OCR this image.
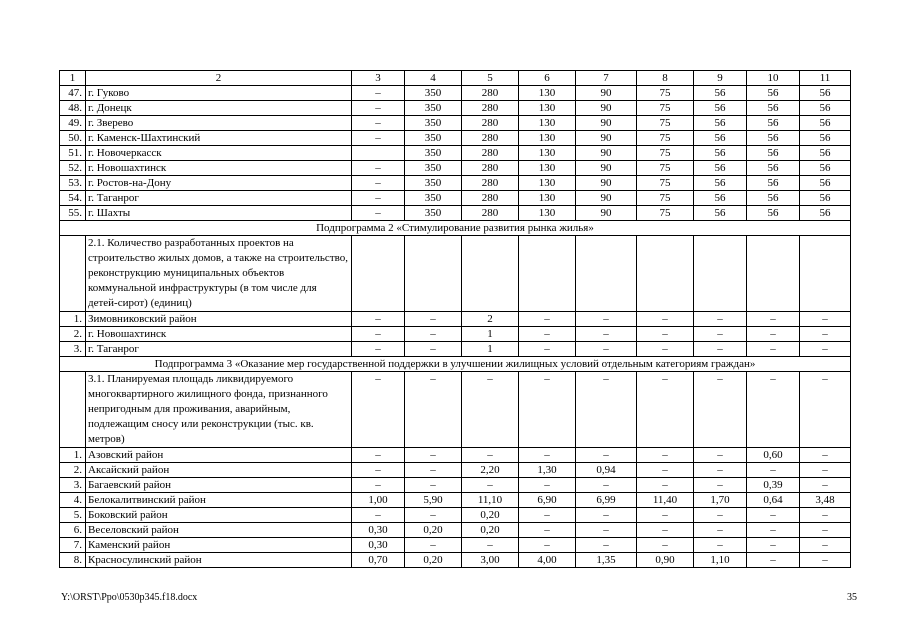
1	2	3	4	5	6	7	8	9	10	11
47.	г. Гуково	–	350	280	130	90	75	56	56	56
48.	г. Донецк	–	350	280	130	90	75	56	56	56
49.	г. Зверево	–	350	280	130	90	75	56	56	56
50.	г. Каменск-Шахтинский	–	350	280	130	90	75	56	56	56
51.	г. Новочеркасск		350	280	130	90	75	56	56	56
52.	г. Новошахтинск	–	350	280	130	90	75	56	56	56
53.	г. Ростов-на-Дону	–	350	280	130	90	75	56	56	56
54.	г. Таганрог	–	350	280	130	90	75	56	56	56
55.	г. Шахты	–	350	280	130	90	75	56	56	56
Подпрограмма 2 «Стимулирование развития рынка жилья»										
	2.1. Количество разработанных проектов на строительство жилых домов, а также на строительство, реконструкцию муниципальных объектов коммунальной инфраструктуры (в том числе для детей-сирот) (единиц)									
1.	Зимовниковский район	–	–	2	–	–	–	–	–	–
2.	г. Новошахтинск	–	–	1	–	–	–	–	–	–
3.	г. Таганрог	–	–	1	–	–	–	–	–	–
Подпрограмма 3 «Оказание мер государственной поддержки в улучшении жилищных условий отдельным категориям граждан»										
	3.1. Планируемая площадь ликвидируемого многоквартирного жилищного фонда, признанного непригодным для проживания, аварийным, подлежащим сносу или реконструкции (тыс. кв. метров)	–	–	–	–	–	–	–	–	–
1.	Азовский район	–	–	–	–	–	–	–	0,60	–
2.	Аксайский район	–	–	2,20	1,30	0,94	–	–	–	–
3.	Багаевский район	–	–	–	–	–	–	–	0,39	–
4.	Белокалитвинский район	1,00	5,90	11,10	6,90	6,99	11,40	1,70	0,64	3,48
5.	Боковский район	–	–	0,20	–	–	–	–	–	–
6.	Веселовский район	0,30	0,20	0,20	–	–	–	–	–	–
7.	Каменский район	0,30	–	–	–	–	–	–	–	–
8.	Красносулинский район	0,70	0,20	3,00	4,00	1,35	0,90	1,10	–	–
Y:\ORST\Ppo\0530p345.f18.docx	35
